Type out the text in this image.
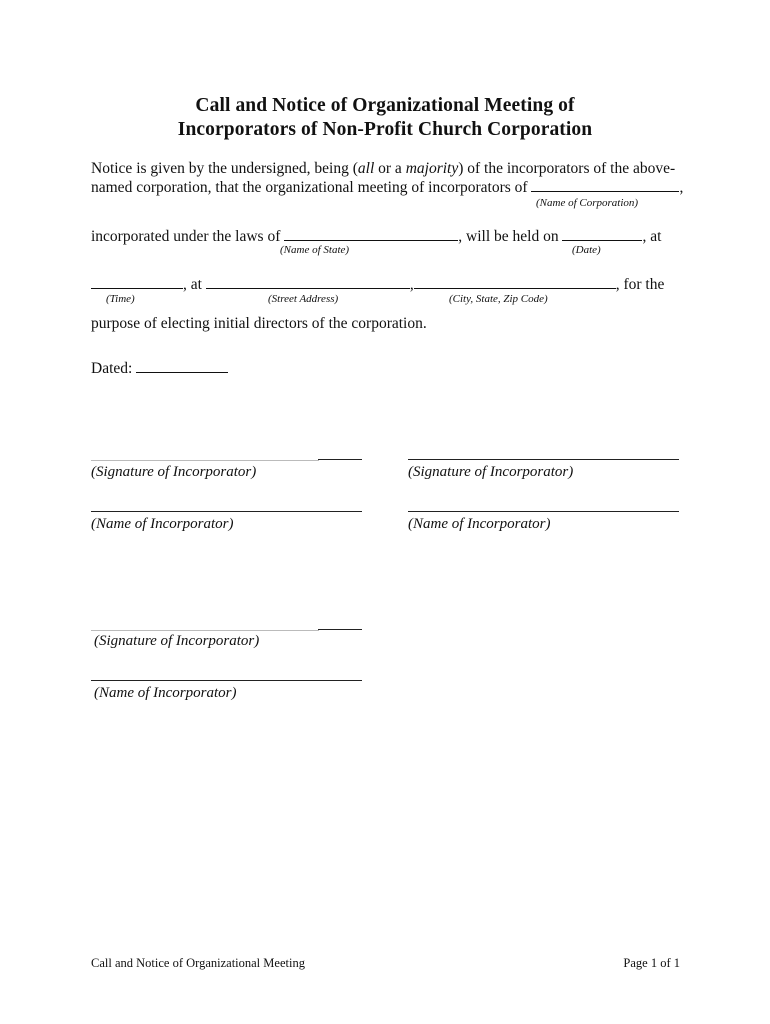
Call and Notice of Organizational Meeting of
Incorporators of Non-Profit Church Corporation
Notice is given by the undersigned, being (all or a majority) of the incorporators of the above-
named corporation, that the organizational meeting of incorporators of	,
(Name of Corporation)
incorporated under the laws of	, will be held on	, at
(Name of State)	(Date)
, at	,	, for the
(Time)	(Street Address)	(City, State, Zip Code)
purpose of electing initial directors of the corporation.
Dated:
(Signature of Incorporator)
(Name of Incorporator)
(Signature of Incorporator)
(Name of Incorporator)
(Signature of Incorporator)
(Name of Incorporator)
Call and Notice of Organizational Meeting	Page 1 of 1
